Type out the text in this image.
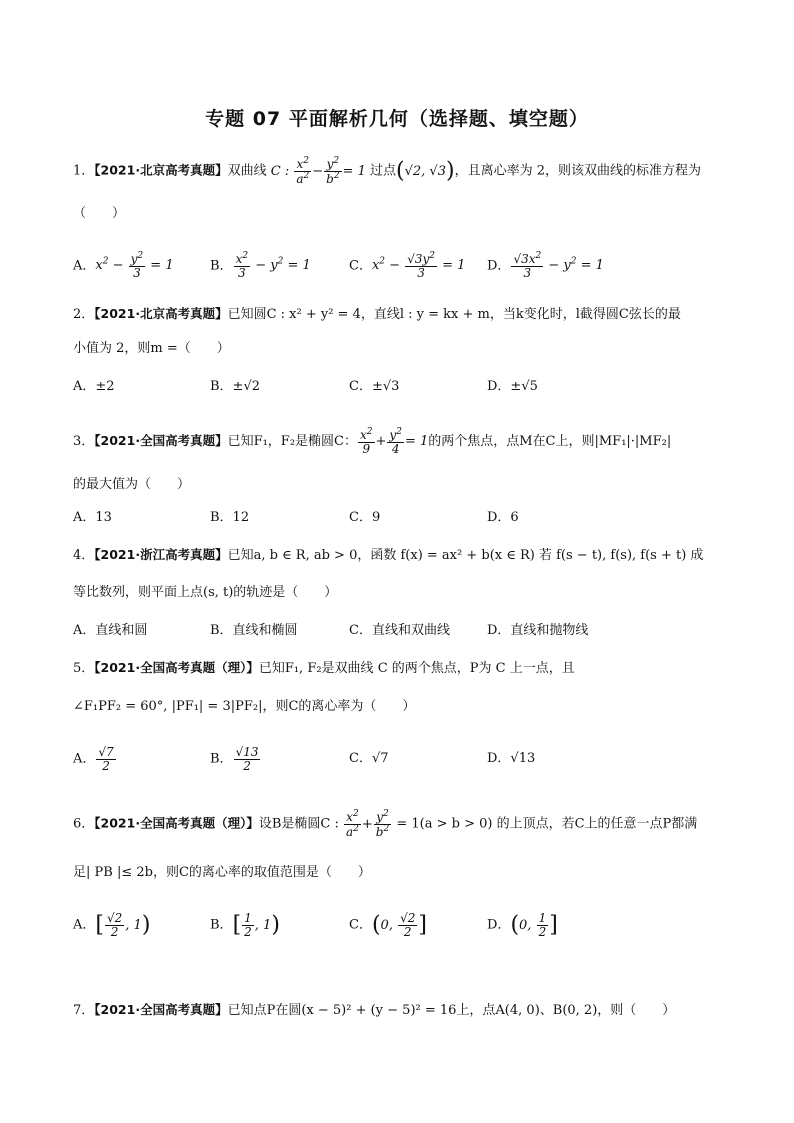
专题 07 平面解析几何（选择题、填空题）
1．【2021·北京高考真题】双曲线 C : $\frac{x^2}{a^2} - \frac{y^2}{b^2} = 1$ 过点(√2, √3)，且离心率为 2，则该双曲线的标准方程为
（　　）
A．$x^2 - \frac{y^2}{3} = 1$	B． $\frac{x^2}{3} - y^2 = 1$	C．$x^2 - \frac{√3y^2}{3} = 1$ D． $\frac{√3x^2}{3} - y^2 = 1$
2．【2021·北京高考真题】已知圆C : x² + y² = 4，直线l : y = kx + m，当k变化时，l截得圆C弦长的最
小值为 2，则m =（　　）
A．±2	B．±√2	C．±√3	D．±√5
3．【2021·全国高考真题】已知F₁，F₂是椭圆C： $\frac{x^2}{9} + \frac{y^2}{4} = 1$的两个焦点，点M在C上，则|MF₁|·|MF₂|
的最大值为（　　）
A．13	B．12	C．9	D．6
4．【2021·浙江高考真题】已知a, b ∈ R, ab > 0，函数 f(x) = ax² + b(x ∈ R) 若 f(s − t), f(s), f(s + t) 成
等比数列，则平面上点(s, t)的轨迹是（　　）
A．直线和圆	B．直线和椭圆	C．直线和双曲线	D．直线和抛物线
5．【2021·全国高考真题（理）】已知F₁, F₂是双曲线 C 的两个焦点，P为 C 上一点，且
∠F₁PF₂ = 60°, |PF₁| = 3|PF₂|，则C的离心率为（　　）
A． $\frac{√7}{2}$	B． $\frac{√13}{2}$	C．√7	D．√13
6．【2021·全国高考真题（理）】设B是椭圆C : $\frac{x^2}{a^2} + \frac{y^2}{b^2} = 1(a > b > 0)$ 的上顶点，若C上的任意一点P都满
足| PB |≤ 2b，则C的离心率的取值范围是（　　）
A．[ $\frac{√2}{2}$ , 1)	B．[ $\frac{1}{2}$ , 1)	C．(0, $\frac{√2}{2}$ ]	D．(0, $\frac{1}{2}$ ]
7．【2021·全国高考真题】已知点P在圆(x − 5)² + (y − 5)² = 16上，点A(4, 0)、B(0, 2)，则（　　）
